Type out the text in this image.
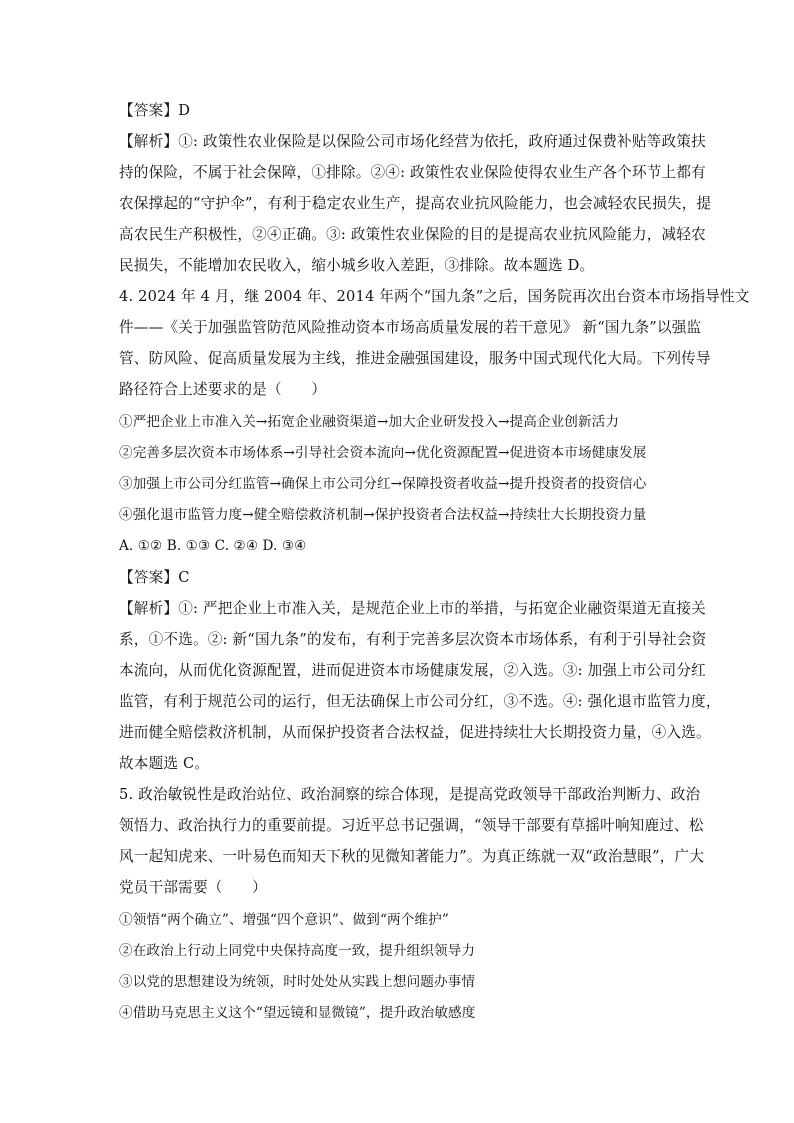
【答案】D
【解析】①: 政策性农业保险是以保险公司市场化经营为依托，政府通过保费补贴等政策扶
持的保险，不属于社会保障，①排除。②④: 政策性农业保险使得农业生产各个环节上都有
农保撑起的“守护伞”，有利于稳定农业生产，提高农业抗风险能力，也会减轻农民损失，提
高农民生产积极性，②④正确。③: 政策性农业保险的目的是提高农业抗风险能力，减轻农
民损失，不能增加农民收入，缩小城乡收入差距，③排除。故本题选 D。
4. 2024 年 4 月，继 2004 年、2014 年两个“国九条”之后，国务院再次出台资本市场指导性文
件——《关于加强监管防范风险推动资本市场高质量发展的若干意见》 新“国九条”以强监
管、防风险、促高质量发展为主线，推进金融强国建设，服务中国式现代化大局。下列传导
路径符合上述要求的是（　　）
①严把企业上市准入关→拓宽企业融资渠道→加大企业研发投入→提高企业创新活力
②完善多层次资本市场体系→引导社会资本流向→优化资源配置→促进资本市场健康发展
③加强上市公司分红监管→确保上市公司分红→保障投资者收益→提升投资者的投资信心
④强化退市监管力度→健全赔偿救济机制→保护投资者合法权益→持续壮大长期投资力量
A. ①② B. ①③ C. ②④ D. ③④
【答案】C
【解析】①: 严把企业上市准入关，是规范企业上市的举措，与拓宽企业融资渠道无直接关
系，①不选。②: 新“国九条”的发布，有利于完善多层次资本市场体系，有利于引导社会资
本流向，从而优化资源配置，进而促进资本市场健康发展，②入选。③: 加强上市公司分红
监管，有利于规范公司的运行，但无法确保上市公司分红，③不选。④: 强化退市监管力度，
进而健全赔偿救济机制，从而保护投资者合法权益，促进持续壮大长期投资力量，④入选。
故本题选 C。
5. 政治敏锐性是政治站位、政治洞察的综合体现，是提高党政领导干部政治判断力、政治
领悟力、政治执行力的重要前提。习近平总书记强调，“领导干部要有草摇叶响知鹿过、松
风一起知虎来、一叶易色而知天下秋的见微知著能力”。为真正练就一双“政治慧眼”，广大
党员干部需要（　　）
①领悟“两个确立”、增强“四个意识”、做到“两个维护”
②在政治上行动上同党中央保持高度一致，提升组织领导力
③以党的思想建设为统领，时时处处从实践上想问题办事情
④借助马克思主义这个“望远镜和显微镜”，提升政治敏感度
